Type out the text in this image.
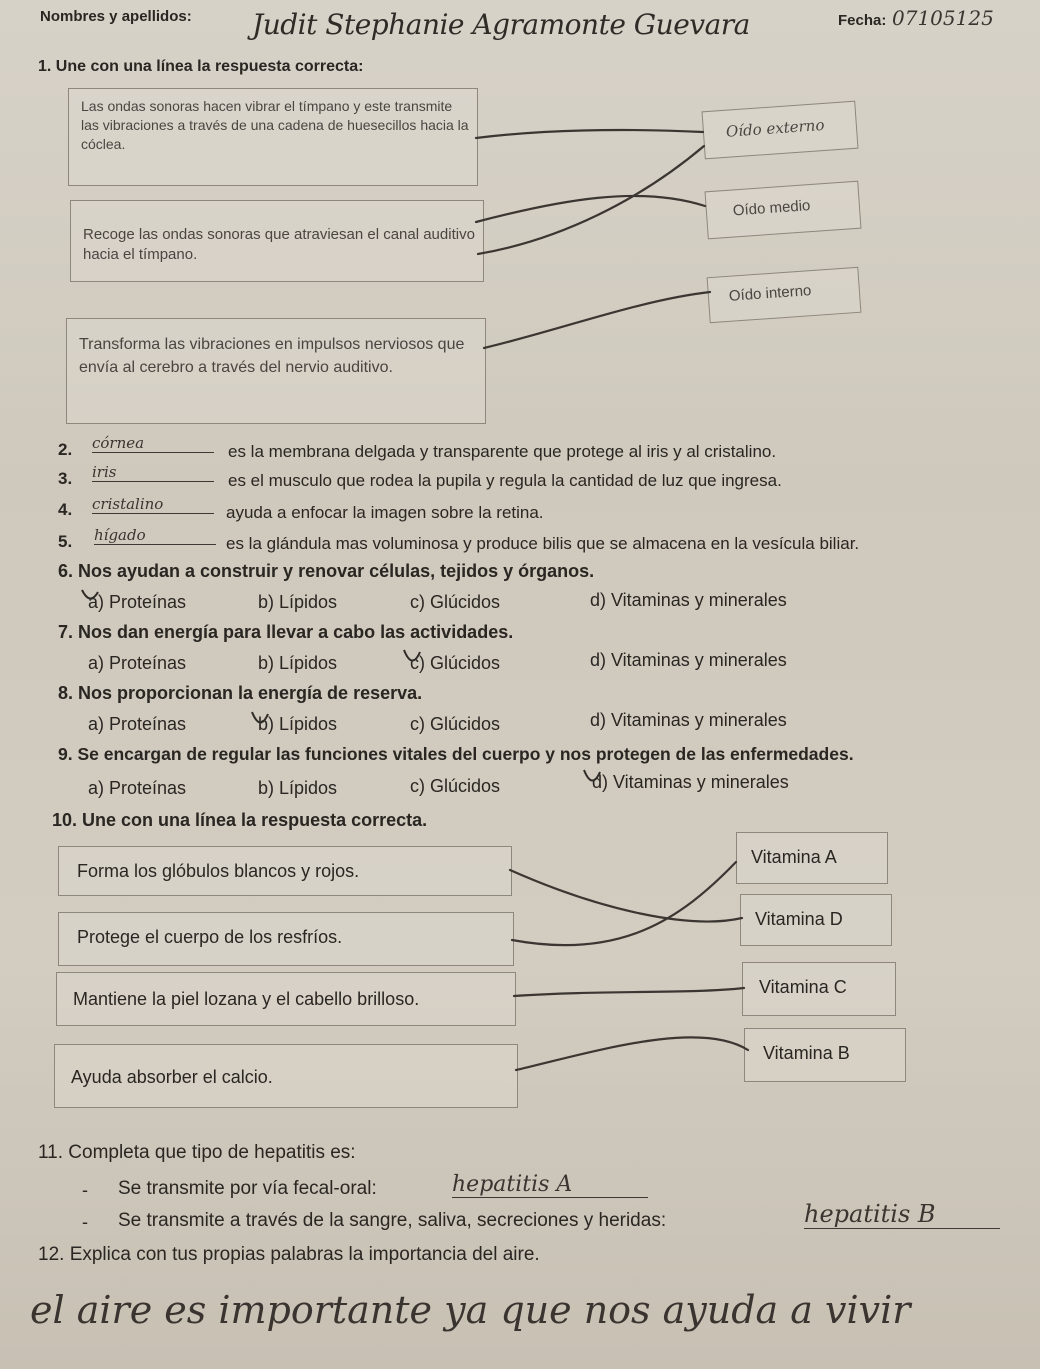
Nombres y apellidos: Judit Stephanie Agramonte Guevara	Fecha: 07105125
1. Une con una línea la respuesta correcta:
Las ondas sonoras hacen vibrar el tímpano y este transmite las vibraciones a través de una cadena de huesecillos hacia la cóclea.
Recoge las ondas sonoras que atraviesan el canal auditivo hacia el tímpano.
Transforma las vibraciones en impulsos nerviosos que envía al cerebro a través del nervio auditivo.
Oído externo
Oído medio
Oído interno
2. córnea	es la membrana delgada y transparente que protege al iris y al cristalino.
3. iris	es el musculo que rodea la pupila y regula la cantidad de luz que ingresa.
4. cristalino	ayuda a enfocar la imagen sobre la retina.
5. hígado	es la glándula mas voluminosa y produce bilis que se almacena en la vesícula biliar.
6. Nos ayudan a construir y renovar células, tejidos y órganos.
a) Proteínas	b) Lípidos	c) Glúcidos	d) Vitaminas y minerales
7. Nos dan energía para llevar a cabo las actividades.
a) Proteínas	b) Lípidos	c) Glúcidos	d) Vitaminas y minerales
8. Nos proporcionan la energía de reserva.
a) Proteínas	b) Lípidos	c) Glúcidos	d) Vitaminas y minerales
9. Se encargan de regular las funciones vitales del cuerpo y nos protegen de las enfermedades.
a) Proteínas	b) Lípidos	c) Glúcidos	d) Vitaminas y minerales
10. Une con una línea la respuesta correcta.
Forma los glóbulos blancos y rojos.
Protege el cuerpo de los resfríos.
Mantiene la piel lozana y el cabello brilloso.
Ayuda absorber el calcio.
Vitamina A
Vitamina D
Vitamina C
Vitamina B
11. Completa que tipo de hepatitis es:
- Se transmite por vía fecal-oral:	hepatitis A
- Se transmite a través de la sangre, saliva, secreciones y heridas:	hepatitis B
12. Explica con tus propias palabras la importancia del aire.
el aire es importante ya que nos ayuda a vivir
